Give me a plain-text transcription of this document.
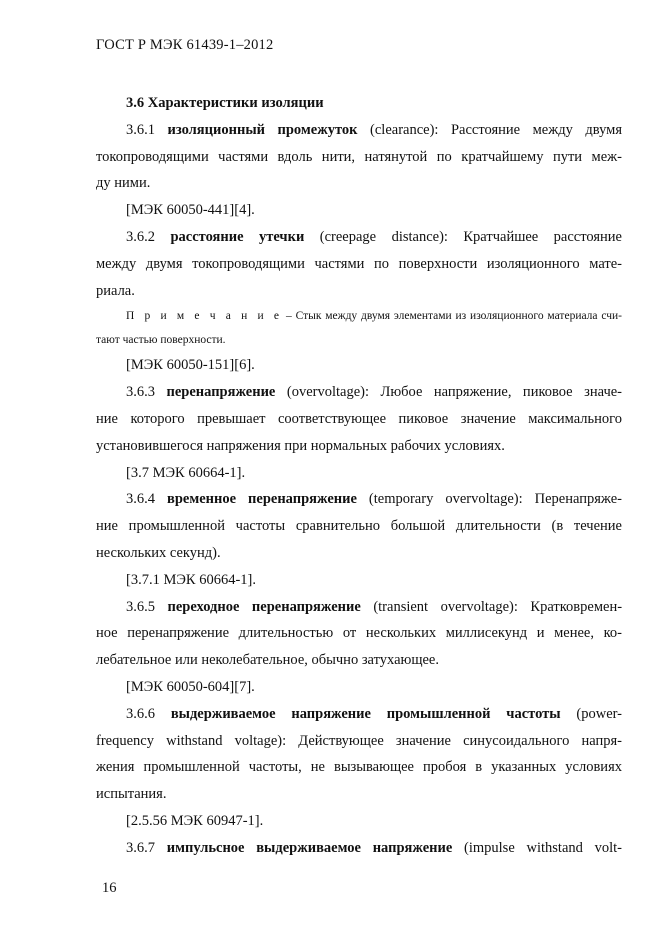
ГОСТ Р МЭК 61439-1–2012

3.6 Характеристики изоляции

3.6.1 изоляционный промежуток (clearance): Расстояние между двумя

токопроводящими частями вдоль нити, натянутой по кратчайшему пути меж-

ду ними.

[МЭК 60050-441][4].

3.6.2 расстояние утечки (creepage distance): Кратчайшее расстояние

между двумя токопроводящими частями по поверхности изоляционного мате-

риала.

П р и м е ч а н и е – Стык между двумя элементами из изоляционного материала счи-

тают частью поверхности.

[МЭК 60050-151][6].

3.6.3 перенапряжение (overvoltage): Любое напряжение, пиковое значе-

ние которого превышает соответствующее пиковое значение максимального

установившегося напряжения при нормальных рабочих условиях.

[3.7 МЭК 60664-1].

3.6.4 временное перенапряжение (temporary overvoltage): Перенапряже-

ние промышленной частоты сравнительно большой длительности (в течение

нескольких секунд).

[3.7.1 МЭК 60664-1].

3.6.5 переходное перенапряжение (transient overvoltage): Кратковремен-

ное перенапряжение длительностью от нескольких миллисекунд и менее, ко-

лебательное или неколебательное, обычно затухающее.

[МЭК 60050-604][7].

3.6.6 выдерживаемое напряжение промышленной частоты (power-

frequency withstand voltage): Действующее значение синусоидального напря-

жения промышленной частоты, не вызывающее пробоя в указанных условиях

испытания.

[2.5.56 МЭК 60947-1].

3.6.7 импульсное выдерживаемое напряжение (impulse withstand volt-

16
